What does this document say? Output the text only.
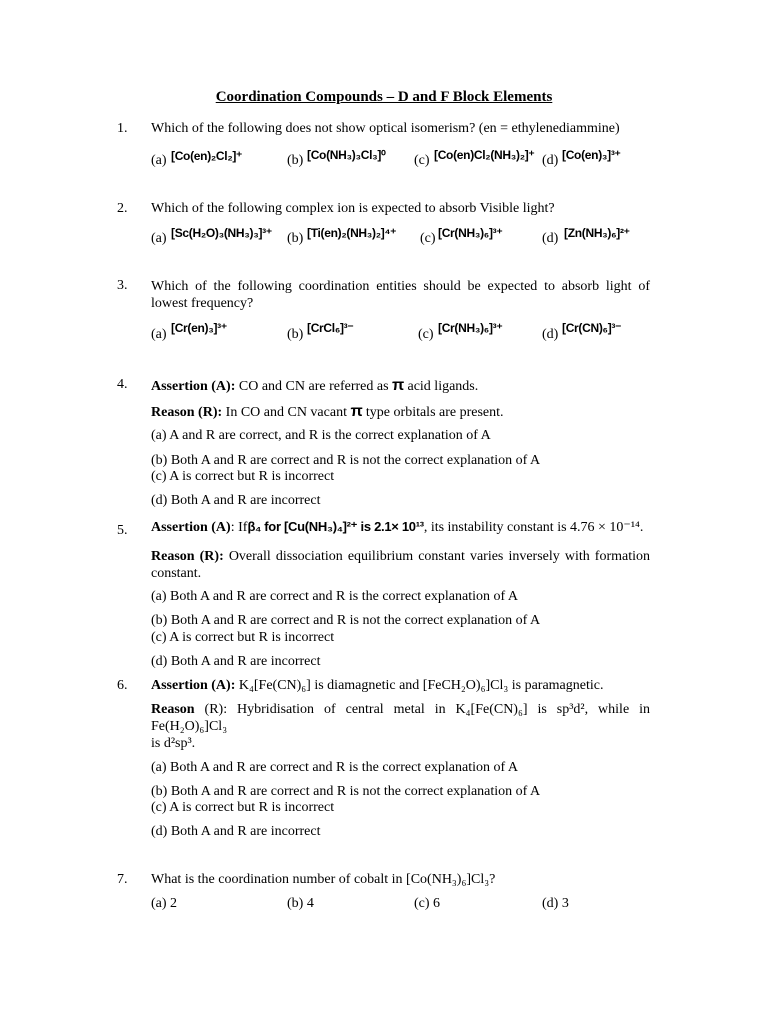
Coordination Compounds – D and F Block Elements
1. Which of the following does not show optical isomerism? (en = ethylenediammine)
(a) [Co(en)₂Cl₂]⁺	(b) [Co(NH₃)₃Cl₃]⁰ (c) [Co(en)Cl₂(NH₃)₂]⁺ (d) [Co(en)₃]³⁺
2. Which of the following complex ion is expected to absorb Visible light?
(a) [Sc(H₂O)₃(NH₃)₃]³⁺ (b) [Ti(en)₂(NH₃)₂]⁴⁺ (c) [Cr(NH₃)₆]³⁺	(d) [Zn(NH₃)₆]²⁺
3. Which of the following coordination entities should be expected to absorb light of lowest frequency?
(a) [Cr(en)₃]³⁺	(b) [CrCl₆]³⁻	(c) [Cr(NH₃)₆]³⁺	(d) [Cr(CN)₆]³⁻
4. Assertion (A): CO and CN are referred as π acid ligands.
Reason (R): In CO and CN vacant π type orbitals are present.
(a) A and R are correct, and R is the correct explanation of A
(b) Both A and R are correct and R is not the correct explanation of A
(c) A is correct but R is incorrect
(d) Both A and R are incorrect
5. Assertion (A): Ifβ₄ for [Cu(NH₃)₄]²⁺ is 2.1× 10¹³, its instability constant is 4.76 × 10⁻¹⁴.
Reason (R): Overall dissociation equilibrium constant varies inversely with formation constant.
(a) Both A and R are correct and R is the correct explanation of A
(b) Both A and R are correct and R is not the correct explanation of A
(c) A is correct but R is incorrect
(d) Both A and R are incorrect
6. Assertion (A): K₄[Fe(CN)₆] is diamagnetic and [FeCH₂O)₆]Cl₃ is paramagnetic.
Reason (R): Hybridisation of central metal in K₄[Fe(CN)₆] is sp³d², while in
Fe(H₂O)₆]Cl₃
is d²sp³.
(a) Both A and R are correct and R is the correct explanation of A
(b) Both A and R are correct and R is not the correct explanation of A
(c) A is correct but R is incorrect
(d) Both A and R are incorrect
7. What is the coordination number of cobalt in [Co(NH₃)₆]Cl₃?
(a) 2	(b) 4	(c) 6	(d) 3
